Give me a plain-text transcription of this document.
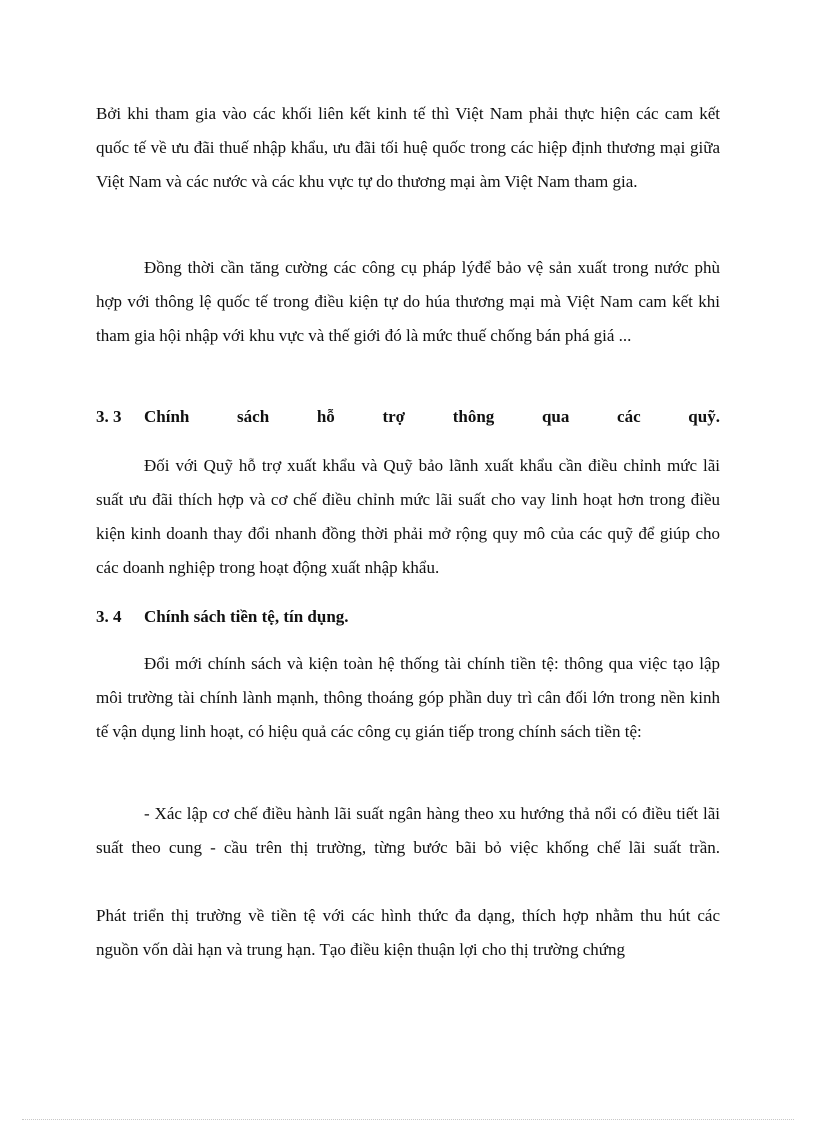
Bởi khi tham gia vào các khối liên kết kinh tế thì Việt Nam phải thực hiện các cam kết quốc tế về ưu đãi thuế nhập khẩu, ưu đãi tối huệ quốc trong các hiệp định thương mại giữa Việt Nam và các nước và các khu vực tự do thương mại àm Việt Nam tham gia.

Đồng thời cần tăng cường các công cụ pháp lýđể bảo vệ sản xuất trong nước phù hợp với thông lệ quốc tế trong điều kiện tự do húa thương mại mà Việt Nam cam kết khi tham gia hội nhập với khu vực và thế giới đó là mức thuế chống bán phá giá ...

3. 3	Chính	sách	hỗ	trợ	thông	qua	các	quỹ.

Đối với Quỹ hỗ trợ xuất khẩu và Quỹ bảo lãnh xuất khẩu cần điều chỉnh mức lãi suất ưu đãi thích hợp và cơ chế điều chỉnh mức lãi suất cho vay linh hoạt hơn trong điều kiện kinh doanh thay đổi nhanh đồng thời phải mở rộng quy mô của các quỹ để giúp cho các doanh nghiệp trong hoạt động xuất nhập khẩu.

3. 4	Chính sách tiền tệ, tín dụng.

Đổi mới chính sách và kiện toàn hệ thống tài chính tiền tệ: thông qua việc tạo lập môi trường tài chính lành mạnh, thông thoáng góp phần duy trì cân đối lớn trong nền kinh tế vận dụng linh hoạt, có hiệu quả các công cụ gián tiếp trong chính sách tiền tệ:

- Xác lập cơ chế điều hành lãi suất ngân hàng theo xu hướng thả nổi có điều tiết lãi suất theo cung - cầu trên thị trường, từng bước bãi bỏ việc khống chế lãi suất trần.

Phát triển thị trường về tiền tệ với các hình thức đa dạng, thích hợp nhằm thu hút các nguồn vốn dài hạn và trung hạn. Tạo điều kiện thuận lợi cho thị trường chứng
